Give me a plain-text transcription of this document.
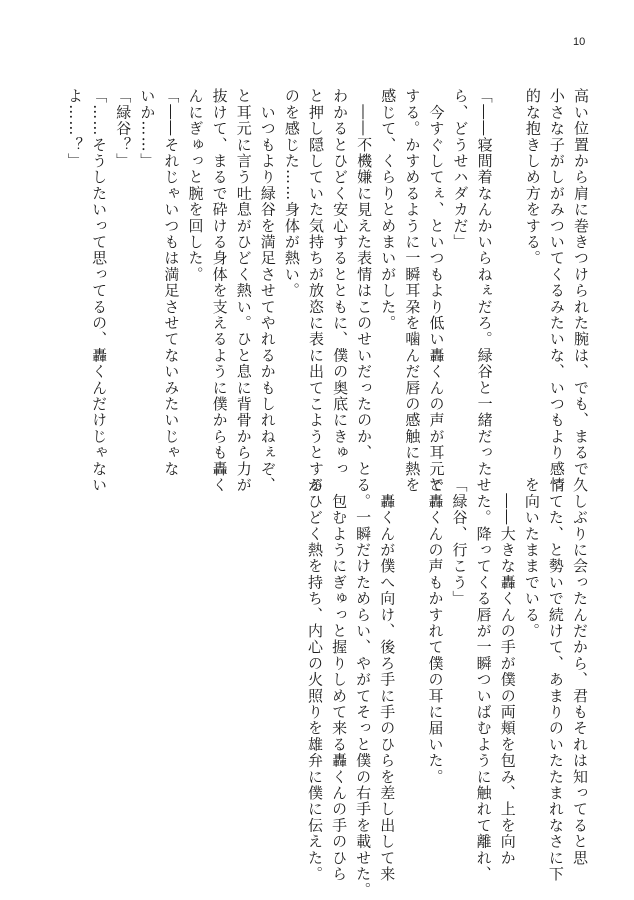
10
高い位置から肩に巻きつけられた腕は、でも、まるで
小さな子がしがみついてくるみたいな、いつもより感情
的な抱きしめ方をする。

「――寝間着なんかいらねぇだろ。緑谷と一緒だった
ら、どうせハダカだ」
　今すぐしてぇ、といつもより低い轟くんの声が耳元で
する。かすめるように一瞬耳朶を噛んだ唇の感触に熱を
感じて、くらりとめまいがした。
　――不機嫌に見えた表情はこのせいだったのか、と
わかるとひどく安心するとともに、僕の奥底にきゅっ
と押し隠していた気持ちが放恣に表に出てこようとする
のを感じた……身体が熱い。
　いつもより緑谷を満足させてやれるかもしれねぇぞ、
と耳元に言う吐息がひどく熱い。ひと息に背骨から力が
抜けて、まるで砕ける身体を支えるように僕からも轟く
んにぎゅっと腕を回した。
「――それじゃいつもは満足させてないみたいじゃな
いか……」
「緑谷？」
「……そうしたいって思ってるの、轟くんだけじゃない
よ……？」
久しぶりに会ったんだから、君もそれは知ってると思
ってた、と勢いで続けて、あまりのいたたまれなさに下
を向いたままでいる。
　――大きな轟くんの手が僕の両頬を包み、上を向か
せた。降ってくる唇が一瞬ついばむように触れて離れ、
「緑谷、行こう」
と轟くんの声もかすれて僕の耳に届いた。

　轟くんが僕へ向け、後ろ手に手のひらを差し出して来
る。一瞬だけためらい、やがてそっと僕の右手を載せた。
　包むようにぎゅっと握りしめて来る轟くんの手のひら
がひどく熱を持ち、内心の火照りを雄弁に僕に伝えた。
